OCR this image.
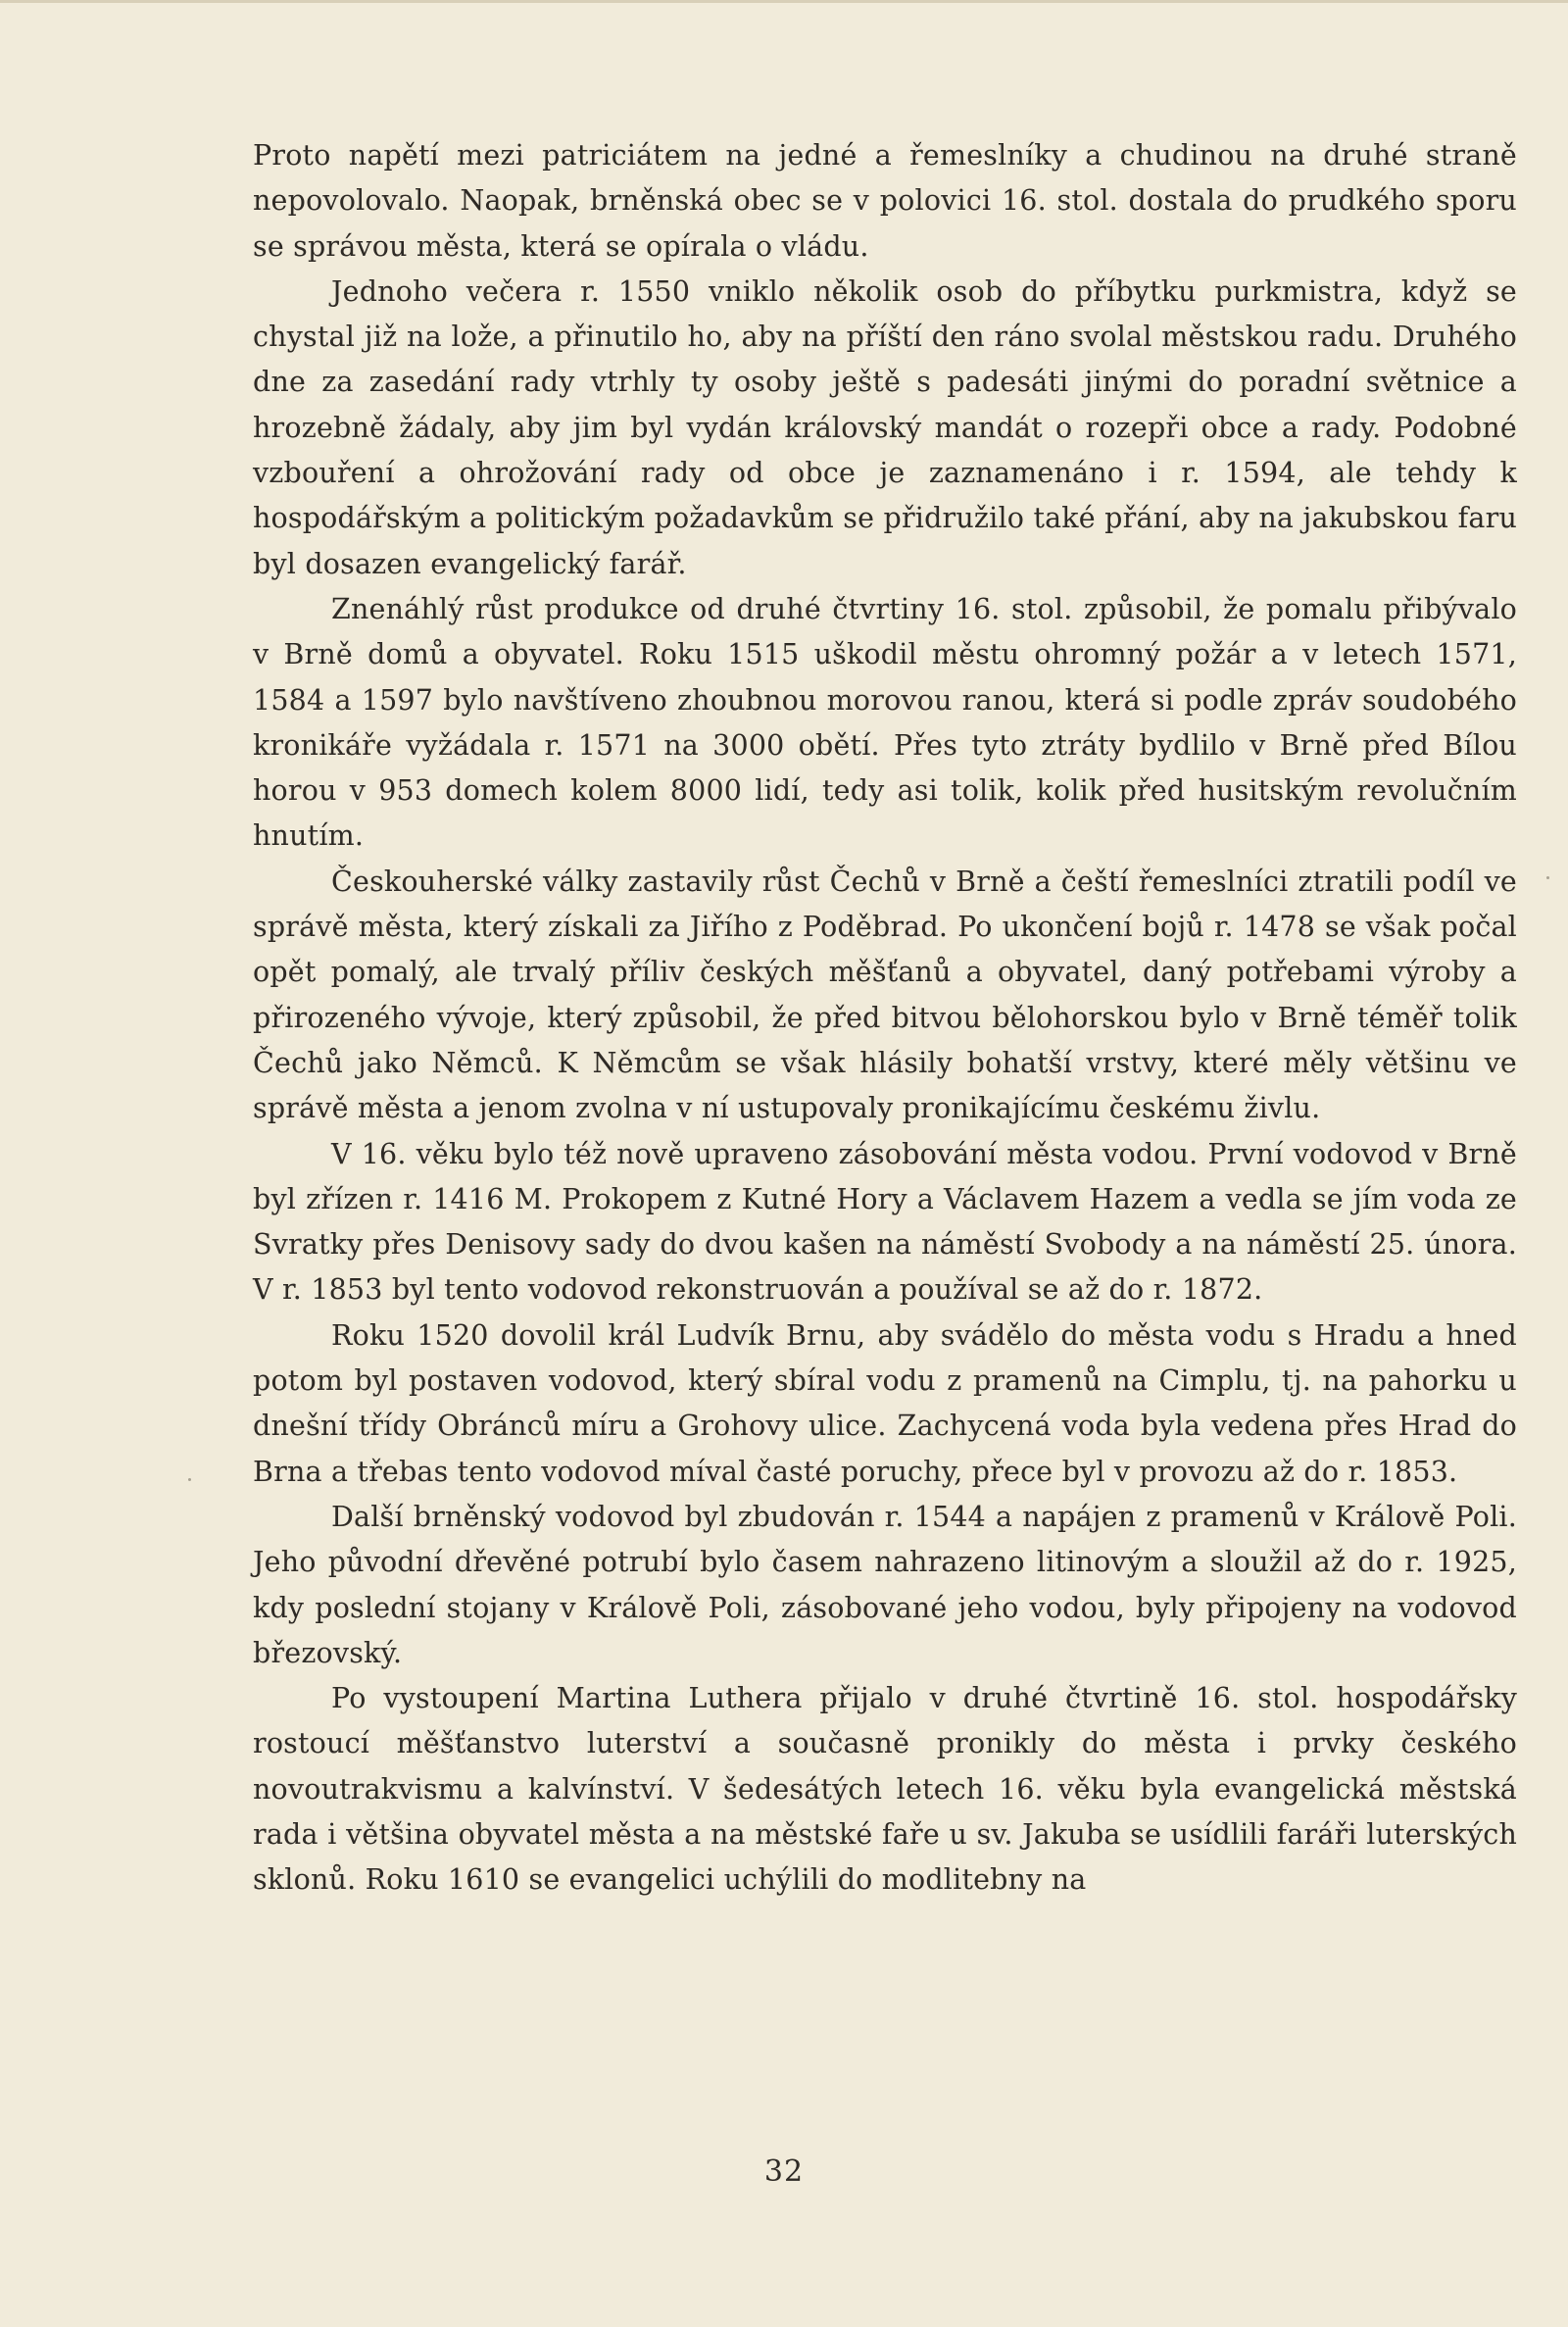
Proto napětí mezi patriciátem na jedné a řemeslníky a chudinou na druhé straně nepovolovalo. Naopak, brněnská obec se v polovici 16. stol. dostala do prudkého sporu se správou města, která se opírala o vládu.

Jednoho večera r. 1550 vniklo několik osob do příbytku purkmistra, když se chystal již na lože, a přinutilo ho, aby na příští den ráno svolal městskou radu. Druhého dne za zasedání rady vtrhly ty osoby ještě s padesáti jinými do poradní světnice a hrozebně žádaly, aby jim byl vydán královský mandát o rozepři obce a rady. Podobné vzbouření a ohrožování rady od obce je zaznamenáno i r. 1594, ale tehdy k hospodářským a politickým požadavkům se přidružilo také přání, aby na jakubskou faru byl dosazen evangelický farář.

Znenáhlý růst produkce od druhé čtvrtiny 16. stol. způsobil, že pomalu přibývalo v Brně domů a obyvatel. Roku 1515 uškodil městu ohromný požár a v letech 1571, 1584 a 1597 bylo navštíveno zhoubnou morovou ranou, která si podle zpráv soudobého kronikáře vyžádala r. 1571 na 3000 obětí. Přes tyto ztráty bydlilo v Brně před Bílou horou v 953 domech kolem 8000 lidí, tedy asi tolik, kolik před husitským revolučním hnutím.

Českouherské války zastavily růst Čechů v Brně a čeští řemeslníci ztratili podíl ve správě města, který získali za Jiřího z Poděbrad. Po ukončení bojů r. 1478 se však počal opět pomalý, ale trvalý příliv českých měšťanů a obyvatel, daný potřebami výroby a přirozeného vývoje, který způsobil, že před bitvou bělohorskou bylo v Brně téměř tolik Čechů jako Němců. K Němcům se však hlásily bohatší vrstvy, které měly většinu ve správě města a jenom zvolna v ní ustupovaly pronikajícímu českému živlu.

V 16. věku bylo též nově upraveno zásobování města vodou. První vodovod v Brně byl zřízen r. 1416 M. Prokopem z Kutné Hory a Václavem Hazem a vedla se jím voda ze Svratky přes Denisovy sady do dvou kašen na náměstí Svobody a na náměstí 25. února. V r. 1853 byl tento vodovod rekonstruován a používal se až do r. 1872.

Roku 1520 dovolil král Ludvík Brnu, aby svádělo do města vodu s Hradu a hned potom byl postaven vodovod, který sbíral vodu z pramenů na Cimplu, tj. na pahorku u dnešní třídy Obránců míru a Grohovy ulice. Zachycená voda byla vedena přes Hrad do Brna a třebas tento vodovod míval časté poruchy, přece byl v provozu až do r. 1853.

Další brněnský vodovod byl zbudován r. 1544 a napájen z pramenů v Králově Poli. Jeho původní dřevěné potrubí bylo časem nahrazeno litinovým a sloužil až do r. 1925, kdy poslední stojany v Králově Poli, zásobované jeho vodou, byly připojeny na vodovod březovský.

Po vystoupení Martina Luthera přijalo v druhé čtvrtině 16. stol. hospodářsky rostoucí měšťanstvo luterství a současně pronikly do města i prvky českého novoutrakvismu a kalvínství. V šedesátých letech 16. věku byla evangelická městská rada i většina obyvatel města a na městské faře u sv. Jakuba se usídlili faráři luterských sklonů. Roku 1610 se evangelici uchýlili do modlitebny na

32
